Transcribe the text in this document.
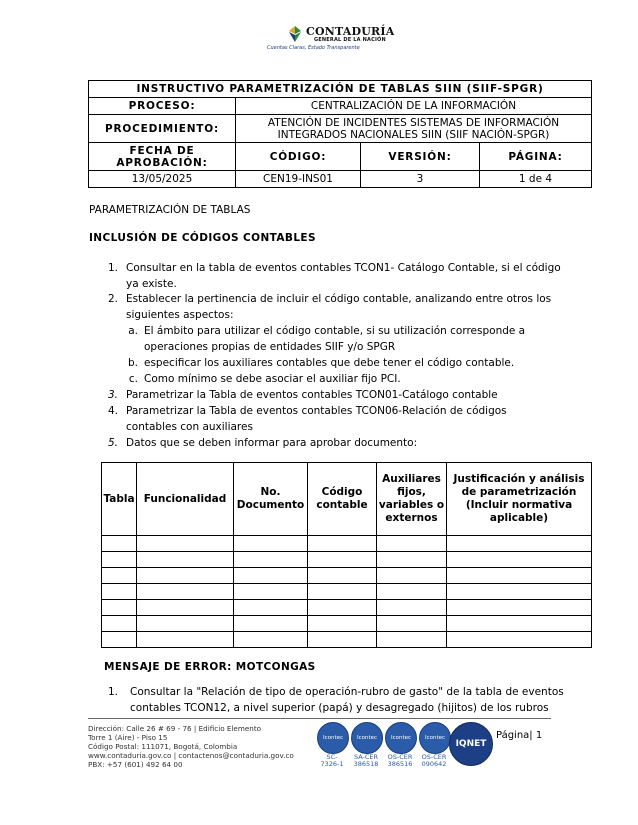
CONTADURÍA
GENERAL DE LA NACIÓN
Cuentas Claras, Estado Transparente
INSTRUCTIVO PARAMETRIZACIÓN DE TABLAS SIIN (SIIF-SPGR)			
PROCESO:	CENTRALIZACIÓN DE LA INFORMACIÓN		
PROCEDIMIENTO:	ATENCIÓN DE INCIDENTES SISTEMAS DE INFORMACIÓN
INTEGRADOS NACIONALES SIIN (SIIF NACIÓN-SPGR)		

FECHA DE
APROBACIÓN:	CÓDIGO:	VERSIÓN:	PÁGINA:
13/05/2025	CEN19-INS01	3	1 de 4
PARAMETRIZACIÓN DE TABLAS
INCLUSIÓN DE CÓDIGOS CONTABLES
1. Consultar en la tabla de eventos contables TCON1- Catálogo Contable, si el código
ya existe.
2. Establecer la pertinencia de incluir el código contable, analizando entre otros los
siguientes aspectos:
a. El ámbito para utilizar el código contable, si su utilización corresponde a
operaciones propias de entidades SIIF y/o SPGR
b. especificar los auxiliares contables que debe tener el código contable.
c. Como mínimo se debe asociar el auxiliar fijo PCI.
3. Parametrizar la Tabla de eventos contables TCON01-Catálogo contable
4. Parametrizar la Tabla de eventos contables TCON06-Relación de códigos
contables con auxiliares
5. Datos que se deben informar para aprobar documento:
Tabla	Funcionalidad	No. Documento	Código contable	Auxiliares fijos, variables o externos	Justificación y análisis de parametrización (Incluir normativa aplicable)

MENSAJE DE ERROR: MOTCONGAS
1. Consultar la "Relación de tipo de operación-rubro de gasto" de la tabla de eventos
contables TCON12, a nivel superior (papá) y desagregado (hijitos) de los rubros
Dirección: Calle 26 # 69 - 76 | Edificio Elemento
Torre 1 (Aire) - Piso 15
Código Postal: 111071, Bogotá, Colombia
www.contaduria.gov.co | contactenos@contaduria.gov.co
PBX: +57 (601) 492 64 00
Icontec
SC-
7326-1
Icontec
SA-CER
386518
Icontec
OS-CER
386516
Icontec
OS-CER
090642
IQNET
Página| 1
